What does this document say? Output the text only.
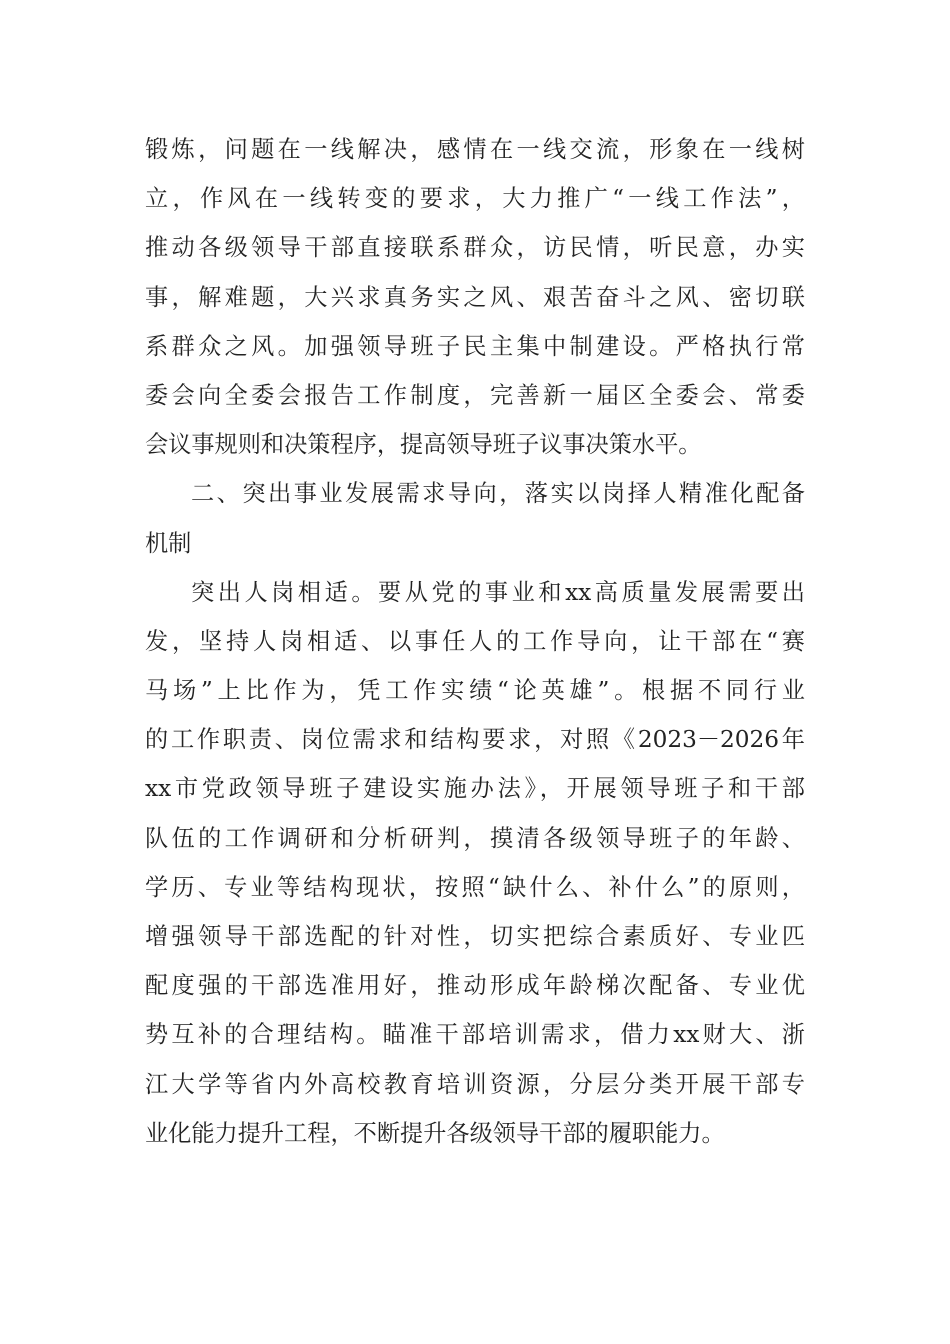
锻炼，问题在一线解决，感情在一线交流，形象在一线树
立，作风在一线转变的要求，大力推广“一线工作法”，
推动各级领导干部直接联系群众，访民情，听民意，办实
事，解难题，大兴求真务实之风、艰苦奋斗之风、密切联
系群众之风。加强领导班子民主集中制建设。严格执行常
委会向全委会报告工作制度，完善新一届区全委会、常委
会议事规则和决策程序，提高领导班子议事决策水平。
二、突出事业发展需求导向，落实以岗择人精准化配备
机制
突出人岗相适。要从党的事业和xx高质量发展需要出
发，坚持人岗相适、以事任人的工作导向，让干部在“赛
马场”上比作为，凭工作实绩“论英雄”。根据不同行业
的工作职责、岗位需求和结构要求，对照《2023－2026年
xx市党政领导班子建设实施办法》，开展领导班子和干部
队伍的工作调研和分析研判，摸清各级领导班子的年龄、
学历、专业等结构现状，按照“缺什么、补什么”的原则，
增强领导干部选配的针对性，切实把综合素质好、专业匹
配度强的干部选准用好，推动形成年龄梯次配备、专业优
势互补的合理结构。瞄准干部培训需求，借力xx财大、浙
江大学等省内外高校教育培训资源，分层分类开展干部专
业化能力提升工程，不断提升各级领导干部的履职能力。
